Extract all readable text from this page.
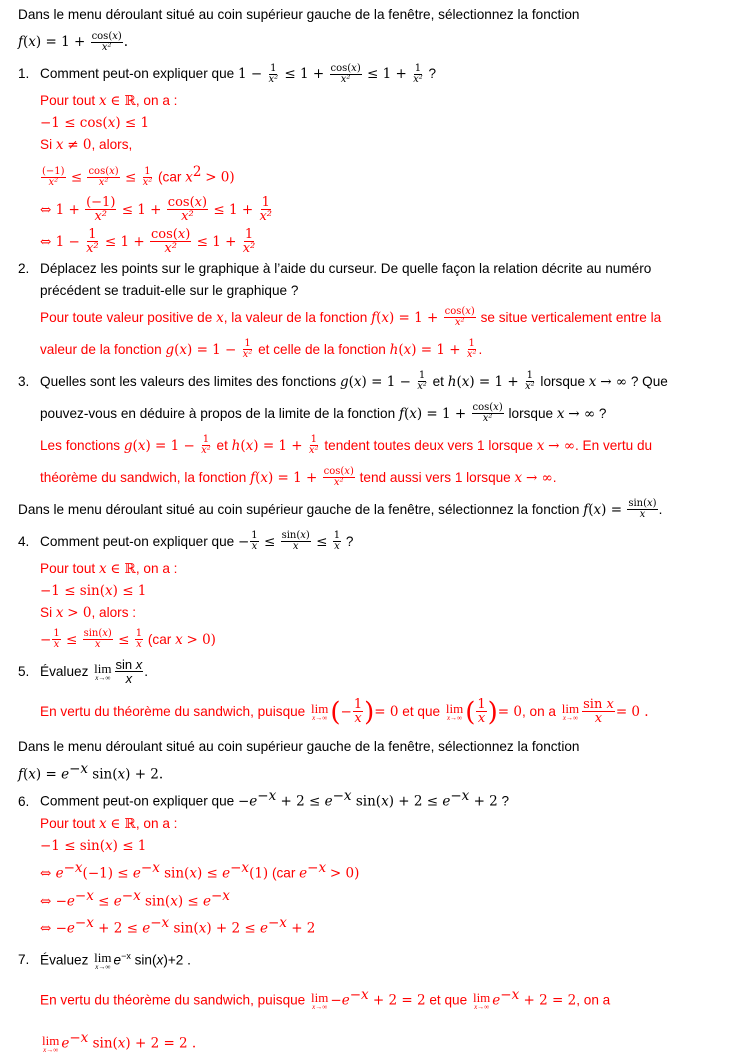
Dans le menu déroulant situé au coin supérieur gauche de la fenêtre, sélectionnez la fonction
$f(x) = 1 + \frac{\cos(x)}{\text{x²}}$ .
1. Comment peut-on expliquer que $1 - \frac{1}{\text{x²}} \le 1 + \frac{\cos(x)}{\text{x²}} \le 1 + \frac{1}{\text{x²}}$ ?
Pour tout x ∈ ℝ, on a :
−1 ≤ cos(x) ≤ 1
Si x ≠ 0, alors,
$\frac{(-1)}{\text{x²}} \le \frac{\cos(x)}{\text{x²}} \le \frac{1}{\text{x²}} (car$ $x^2 > 0$)
⇔ $1 + \frac{(-1)}{\text{x²}} \le 1 + \frac{\cos(x)}{\text{x²}} \le 1 + \frac{1}{\text{x²}}$
⇔ $1 - \frac{1}{\text{x²}} \le 1 + \frac{\cos(x)}{\text{x²}} \le 1 + \frac{1}{\text{x²}}$
2. Déplacez les points sur le graphique à l’aide du curseur. De quelle façon la relation décrite au numéro
précédent se traduit-elle sur le graphique ?
Pour toute valeur positive de x, la valeur de la fonction $f(x) = 1 + \frac{\cos(x)}{\text{x²}}$ se situe verticalement entre la
valeur de la fonction $g(x) = 1 - \frac{1}{\text{x²}}$ et celle de la fonction $h(x) = 1 + \frac{1}{\text{x²}}$ .
3. Quelles sont les valeurs des limites des fonctions $g(x) = 1 - \frac{1}{\text{x²}}$ et $h(x) = 1 + \frac{1}{\text{x²}}$ lorsque x → ∞ ? Que
pouvez-vous en déduire à propos de la limite de la fonction $f(x) = 1 + \frac{\cos(x)}{\text{x²}}$ lorsque x → ∞ ?
Les fonctions $g(x) = 1 - \frac{1}{\text{x²}}$ et $h(x) = 1 + \frac{1}{\text{x²}}$ tendent toutes deux vers 1 lorsque x → ∞. En vertu du
théorème du sandwich, la fonction $f(x) = 1 + \frac{\cos(x)}{\text{x²}}$ tend aussi vers 1 lorsque x → ∞.
Dans le menu déroulant situé au coin supérieur gauche de la fenêtre, sélectionnez la fonction $f(x) = \frac{\sin(x)}{x}$ .
4. Comment peut-on expliquer que − $\frac{1}{x} \le \frac{\sin(x)}{x} \le \frac{1}{x}$ ?
Pour tout x ∈ ℝ, on a :
−1 ≤ sin(x) ≤ 1
Si x > 0, alors :
− $\frac{1}{x} \le \frac{\sin(x)}{x} \le \frac{1}{x} (car$ x > 0)
5. Évaluez lim
$x\to\infty \frac{\text{sin x}}{x}$ .
En vertu du théorème du sandwich, puisque lim
x→∞ (− $\frac{1}{x}$ )= 0 et que lim
x→∞ ( $\frac{1}{x}$ )= 0, on a lim
$x\to\infty \frac{\text{sin x}}{x} = 0$ .
Dans le menu déroulant situé au coin supérieur gauche de la fenêtre, sélectionnez la fonction
$f(x) = e^{-x}$ sin(x) + 2.
6. Comment peut-on expliquer que $-e^{-x} + 2 \le e^{-x}$ $\sin(x) + 2 \le e^{-x} + 2$ ?
Pour tout x ∈ ℝ, on a :
−1 ≤ sin(x) ≤ 1
⇔ $e^{-x}(-1) \le e^{-x}$ $\sin(x) \le e^{-x}(1)$ (car $e^{-x} > 0$)
⇔ $-e^{-x} \le e^{-x}$ $\sin(x) \le e^{-x}$
⇔ $-e^{-x} + 2 \le e^{-x}$ $\sin(x) + 2 \le e^{-x} + 2$
7. Évaluez lim
x→∞ $e^{-x}$ sin(x)+2 .
En vertu du théorème du sandwich, puisque lim
$x\to\infty -e^{-x} + 2 = 2$ et que lim
x→∞ $e^{-x} + 2 = 2$, on a
lim
x→∞ $e^{-x}$ sin(x) + 2 = 2 .
